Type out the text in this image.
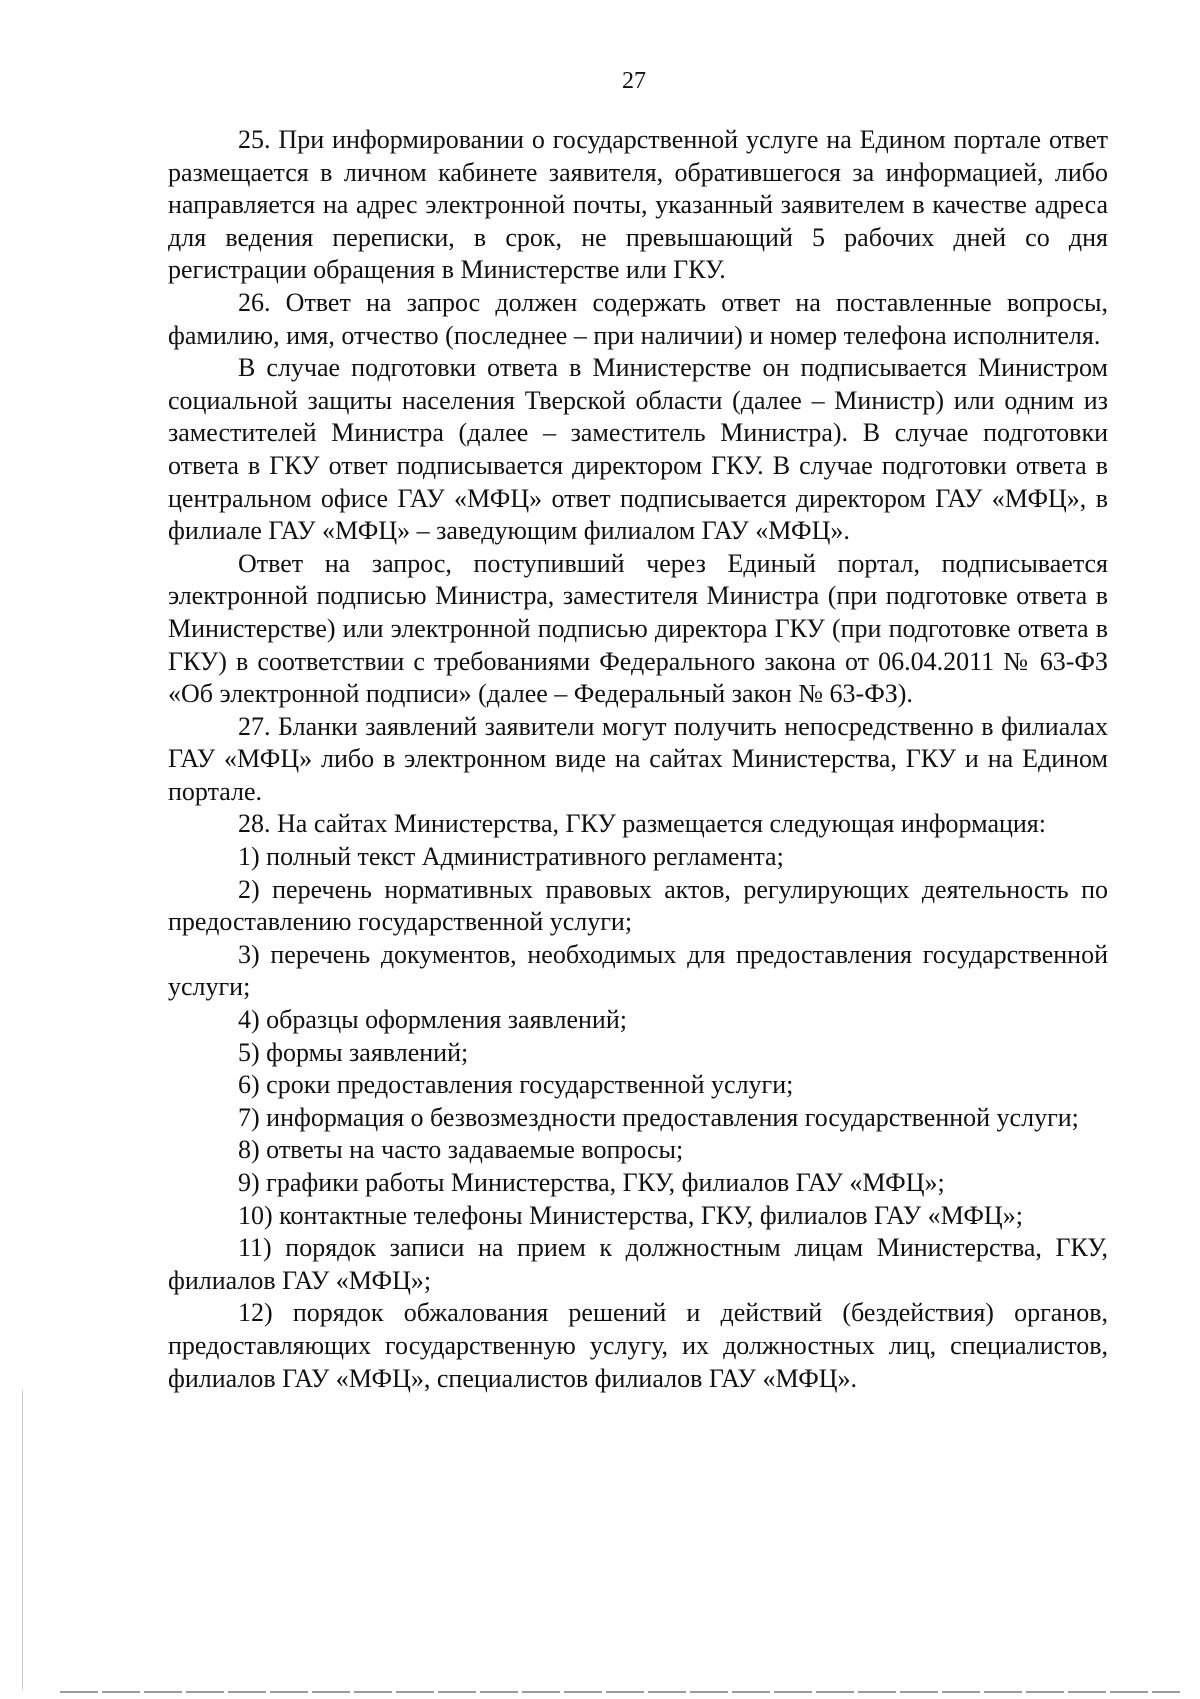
27

25. При информировании о государственной услуге на Едином портале ответ размещается в личном кабинете заявителя, обратившегося за информацией, либо направляется на адрес электронной почты, указанный заявителем в качестве адреса для ведения переписки, в срок, не превышающий 5 рабочих дней со дня регистрации обращения в Министерстве или ГКУ.

26. Ответ на запрос должен содержать ответ на поставленные вопросы, фамилию, имя, отчество (последнее – при наличии) и номер телефона исполнителя.

В случае подготовки ответа в Министерстве он подписывается Министром социальной защиты населения Тверской области (далее – Министр) или одним из заместителей Министра (далее – заместитель Министра). В случае подготовки ответа в ГКУ ответ подписывается директором ГКУ. В случае подготовки ответа в центральном офисе ГАУ «МФЦ» ответ подписывается директором ГАУ «МФЦ», в филиале ГАУ «МФЦ» – заведующим филиалом ГАУ «МФЦ».

Ответ на запрос, поступивший через Единый портал, подписывается электронной подписью Министра, заместителя Министра (при подготовке ответа в Министерстве) или электронной подписью директора ГКУ (при подготовке ответа в ГКУ) в соответствии с требованиями Федерального закона от 06.04.2011 № 63-ФЗ «Об электронной подписи» (далее – Федеральный закон № 63-ФЗ).

27. Бланки заявлений заявители могут получить непосредственно в филиалах ГАУ «МФЦ» либо в электронном виде на сайтах Министерства, ГКУ и на Едином портале.

28. На сайтах Министерства, ГКУ размещается следующая информация:

1) полный текст Административного регламента;

2) перечень нормативных правовых актов, регулирующих деятельность по предоставлению государственной услуги;

3) перечень документов, необходимых для предоставления государственной услуги;

4) образцы оформления заявлений;

5) формы заявлений;

6) сроки предоставления государственной услуги;

7) информация о безвозмездности предоставления государственной услуги;

8) ответы на часто задаваемые вопросы;

9) графики работы Министерства, ГКУ, филиалов ГАУ «МФЦ»;

10) контактные телефоны Министерства, ГКУ, филиалов ГАУ «МФЦ»;

11) порядок записи на прием к должностным лицам Министерства, ГКУ, филиалов ГАУ «МФЦ»;

12) порядок обжалования решений и действий (бездействия) органов, предоставляющих государственную услугу, их должностных лиц, специалистов, филиалов ГАУ «МФЦ», специалистов филиалов ГАУ «МФЦ».
